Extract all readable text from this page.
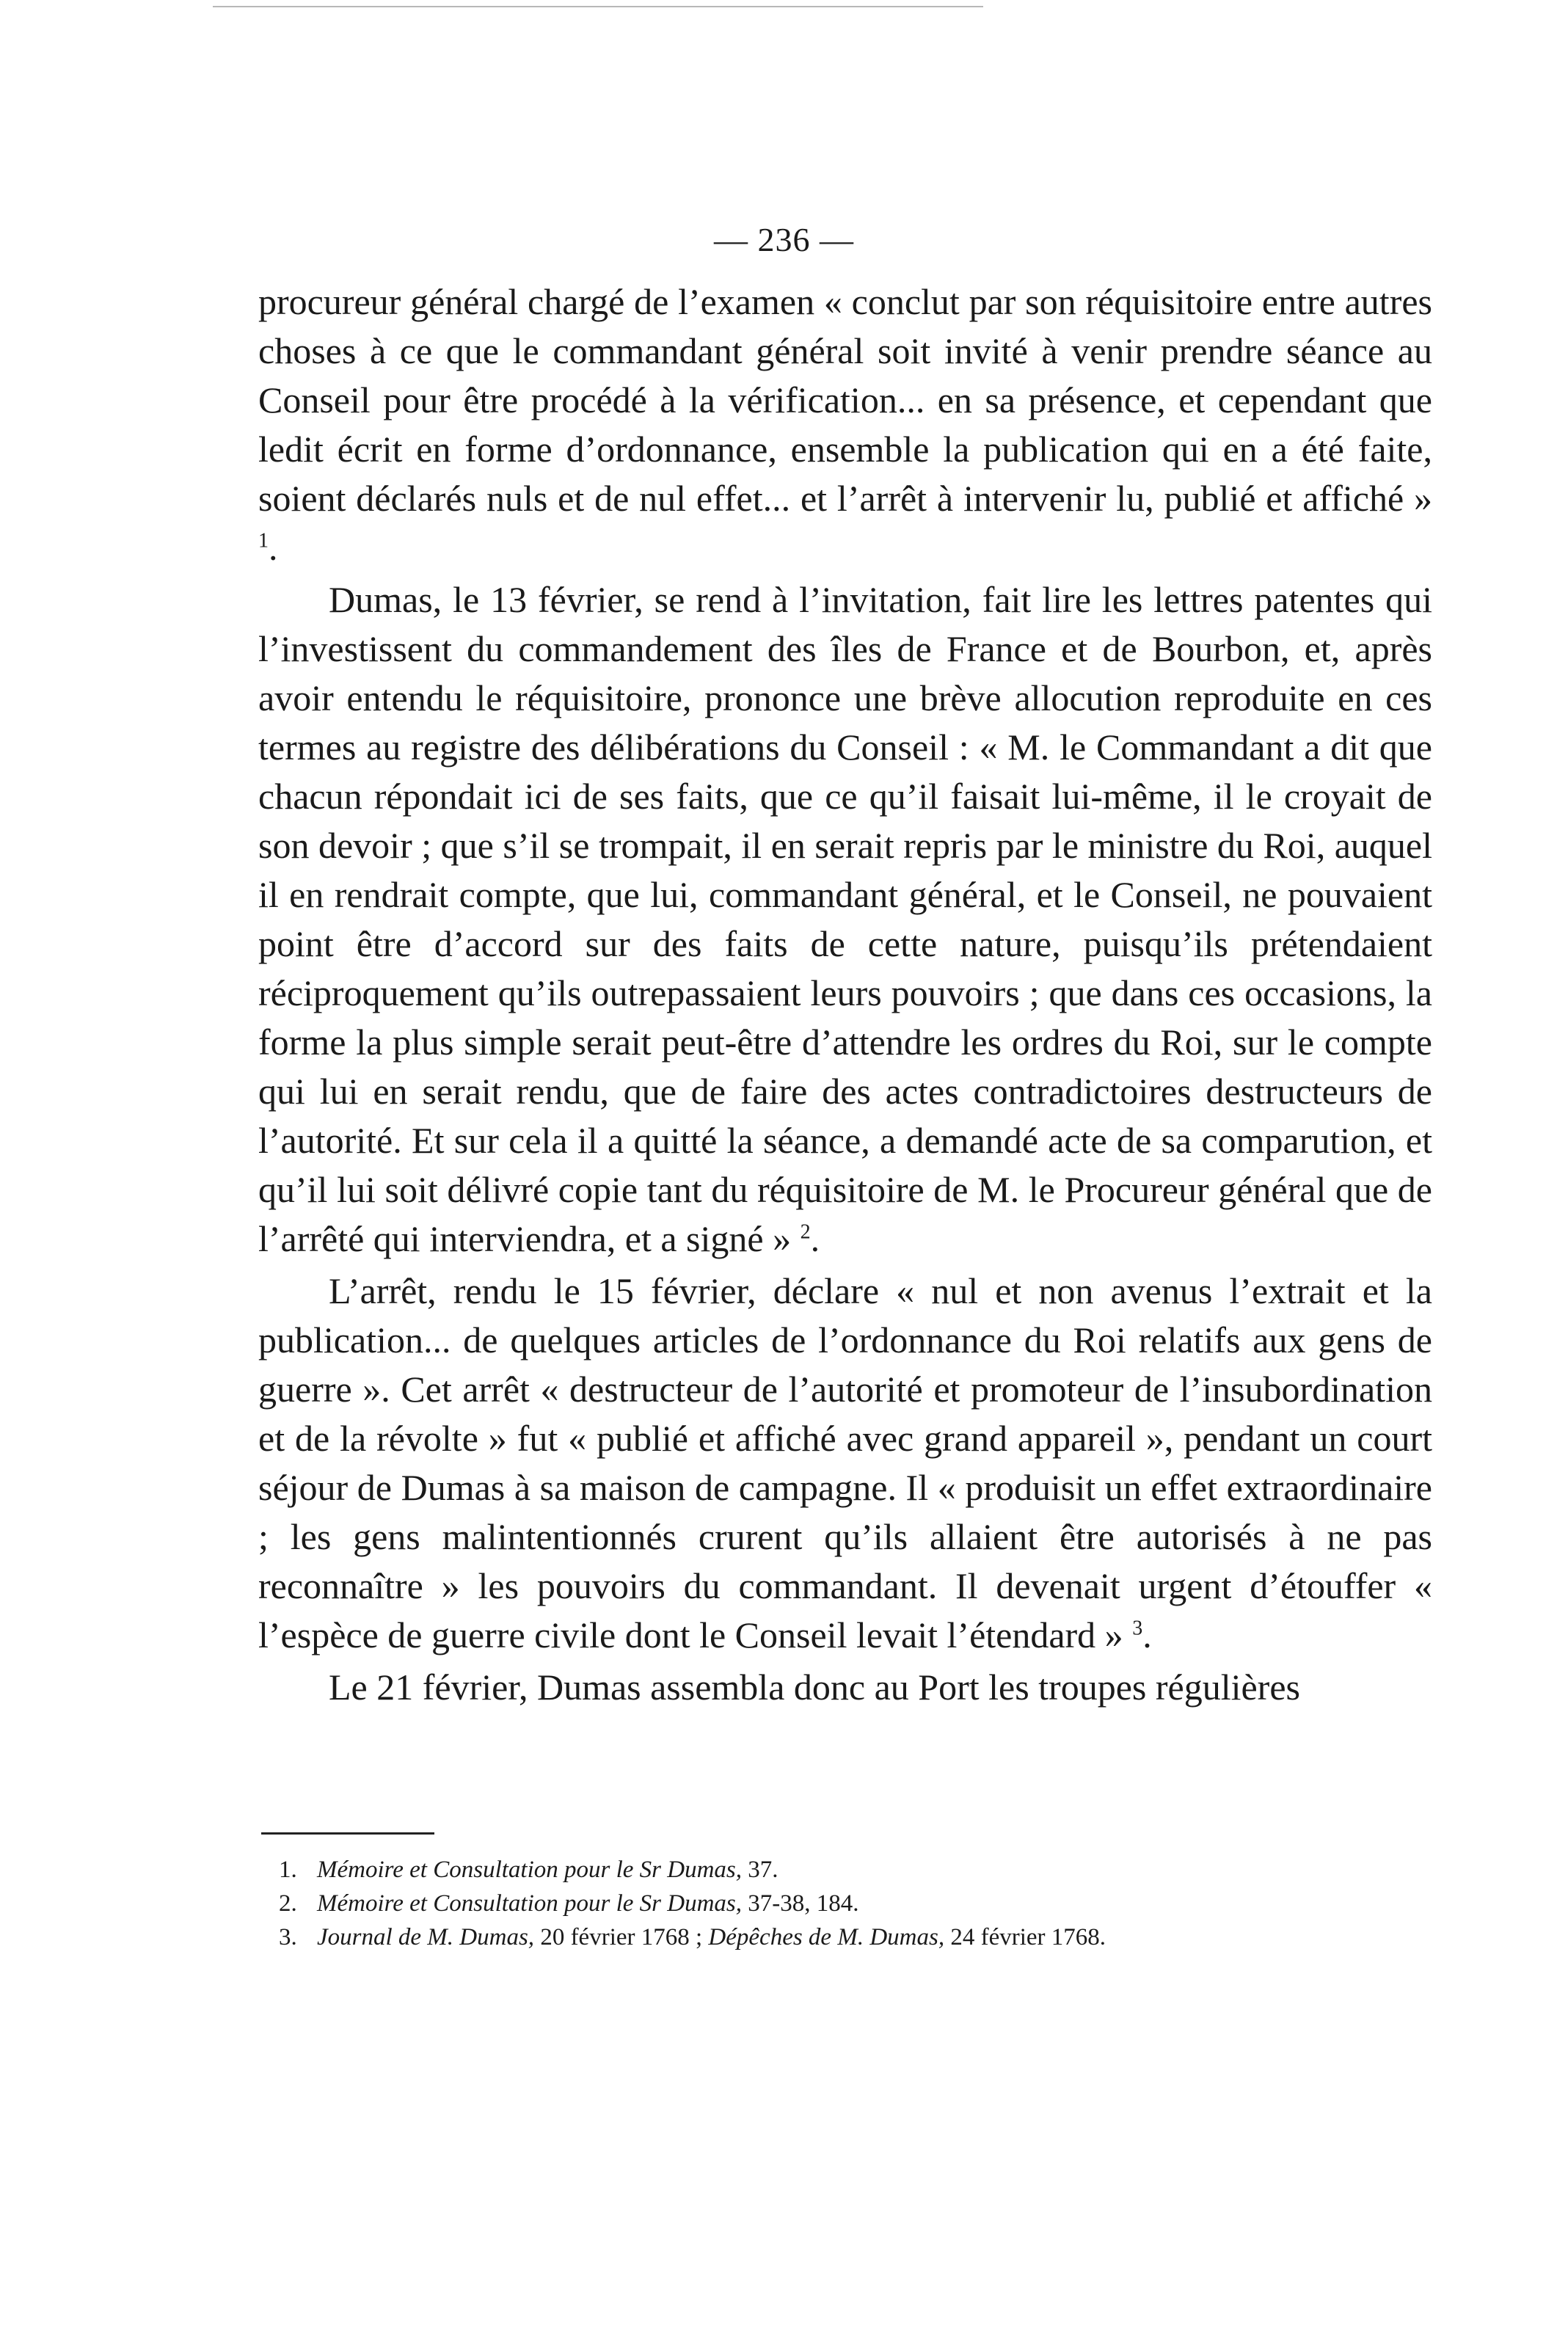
— 236 —

procureur général chargé de l’examen « conclut par son réquisitoire entre autres choses à ce que le commandant général soit invité à venir prendre séance au Conseil pour être procédé à la vérification... en sa présence, et cependant que ledit écrit en forme d’ordonnance, ensemble la publication qui en a été faite, soient déclarés nuls et de nul effet... et l’arrêt à intervenir lu, publié et affiché » $^1$.

Dumas, le 13 février, se rend à l’invitation, fait lire les lettres patentes qui l’investissent du commandement des îles de France et de Bourbon, et, après avoir entendu le réquisitoire, prononce une brève allocution reproduite en ces termes au registre des délibérations du Conseil : « M. le Commandant a dit que chacun répondait ici de ses faits, que ce qu’il faisait lui-même, il le croyait de son devoir ; que s’il se trompait, il en serait repris par le ministre du Roi, auquel il en rendrait compte, que lui, commandant général, et le Conseil, ne pouvaient point être d’accord sur des faits de cette nature, puisqu’ils prétendaient réciproquement qu’ils outrepassaient leurs pouvoirs ; que dans ces occasions, la forme la plus simple serait peut-être d’attendre les ordres du Roi, sur le compte qui lui en serait rendu, que de faire des actes contradictoires destructeurs de l’autorité. Et sur cela il a quitté la séance, a demandé acte de sa comparution, et qu’il lui soit délivré copie tant du réquisitoire de M. le Procureur général que de l’arrêté qui interviendra, et a signé » $^2$.

L’arrêt, rendu le 15 février, déclare « nul et non avenus l’extrait et la publication... de quelques articles de l’ordonnance du Roi relatifs aux gens de guerre ». Cet arrêt « destructeur de l’autorité et promoteur de l’insubordination et de la révolte » fut « publié et affiché avec grand appareil », pendant un court séjour de Dumas à sa maison de campagne. Il « produisit un effet extraordinaire ; les gens malintentionnés crurent qu’ils allaient être autorisés à ne pas reconnaître » les pouvoirs du commandant. Il devenait urgent d’étouffer « l’espèce de guerre civile dont le Conseil levait l’étendard » $^3$.

Le 21 février, Dumas assembla donc au Port les troupes régulières

1. Mémoire et Consultation pour le Sr Dumas, 37.

2. Mémoire et Consultation pour le Sr Dumas, 37-38, 184.

3. Journal de M. Dumas, 20 février 1768 ; Dépêches de M. Dumas, 24 février 1768.
